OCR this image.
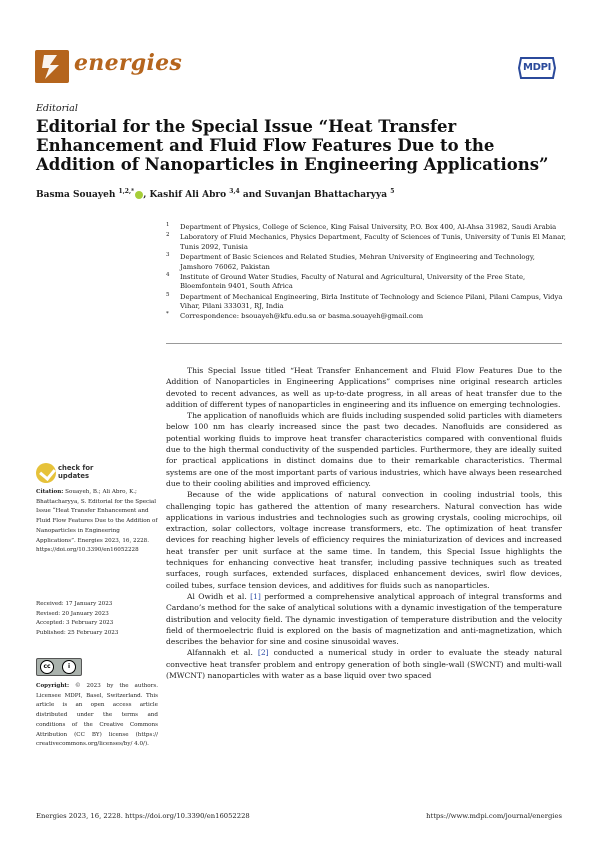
energies	MDPI
Editorial
Editorial for the Special Issue “Heat Transfer Enhancement and Fluid Flow Features Due to the Addition of Nanoparticles in Engineering Applications”
Basma Souayeh $^{1,2,*}$ , Kashif Ali Abro $^{3,4}$ and Suvanjan Bhattacharyya $^5$
1 Department of Physics, College of Science, King Faisal University, P.O. Box 400, Al-Ahsa 31982, Saudi Arabia
2 Laboratory of Fluid Mechanics, Physics Department, Faculty of Sciences of Tunis, University of Tunis El Manar, Tunis 2092, Tunisia
3 Department of Basic Sciences and Related Studies, Mehran University of Engineering and Technology, Jamshoro 76062, Pakistan
4 Institute of Ground Water Studies, Faculty of Natural and Agricultural, University of the Free State, Bloemfontein 9401, South Africa
5 Department of Mechanical Engineering, Birla Institute of Technology and Science Pilani, Pilani Campus, Vidya Vihar, Pilani 333031, RJ, India
* Correspondence: bsouayeh@kfu.edu.sa or basma.souayeh@gmail.com
check for updates
Citation: Souayeh, B.; Ali Abro, K.; Bhattacharyya, S. Editorial for the Special Issue “Heat Transfer Enhancement and Fluid Flow Features Due to the Addition of Nanoparticles in Engineering Applications”. Energies 2023, 16, 2228. https://doi.org/10.3390/en16052228
Received: 17 January 2023
Revised: 20 January 2023
Accepted: 3 February 2023
Published: 25 February 2023
cc	i
Copyright: © 2023 by the authors. Licensee MDPI, Basel, Switzerland. This article is an open access article distributed under the terms and conditions of the Creative Commons Attribution (CC BY) license (https:// creativecommons.org/licenses/by/ 4.0/).

This Special Issue titled “Heat Transfer Enhancement and Fluid Flow Features Due to the Addition of Nanoparticles in Engineering Applications” comprises nine original research articles devoted to recent advances, as well as up-to-date progress, in all areas of heat transfer due to the addition of different types of nanoparticles in engineering and its influence on emerging technologies.

The application of nanofluids which are fluids including suspended solid particles with diameters below 100 nm has clearly increased since the past two decades. Nanofluids are considered as potential working fluids to improve heat transfer characteristics compared with conventional fluids due to the high thermal conductivity of the suspended particles. Furthermore, they are ideally suited for practical applications in distinct domains due to their remarkable characteristics. Thermal systems are one of the most important parts of various industries, which have always been researched due to their cooling abilities and improved efficiency.

Because of the wide applications of natural convection in cooling industrial tools, this challenging topic has gathered the attention of many researchers. Natural convection has wide applications in various industries and technologies such as growing crystals, cooling microchips, oil extraction, solar collectors, voltage increase transformers, etc. The optimization of heat transfer devices for reaching higher levels of efficiency requires the miniaturization of devices and increased heat transfer per unit surface at the same time. In tandem, this Special Issue highlights the techniques for enhancing convective heat transfer, including passive techniques such as treated surfaces, rough surfaces, extended surfaces, displaced enhancement devices, swirl flow devices, coiled tubes, surface tension devices, and additives for fluids such as nanoparticles.

Al Owidh et al. [1] performed a comprehensive analytical approach of integral transforms and Cardano’s method for the sake of analytical solutions with a dynamic investigation of the temperature distribution and velocity field. The dynamic investigation of temperature distribution and the velocity field of thermoelectric fluid is explored on the basis of magnetization and anti-magnetization, which describes the behavior for sine and cosine sinusoidal waves.

Alfannakh et al. [2] conducted a numerical study in order to evaluate the steady natural convective heat transfer problem and entropy generation of both single-wall (SWCNT) and multi-wall (MWCNT) nanoparticles with water as a base liquid over two spaced

Energies 2023, 16, 2228. https://doi.org/10.3390/en16052228	https://www.mdpi.com/journal/energies
